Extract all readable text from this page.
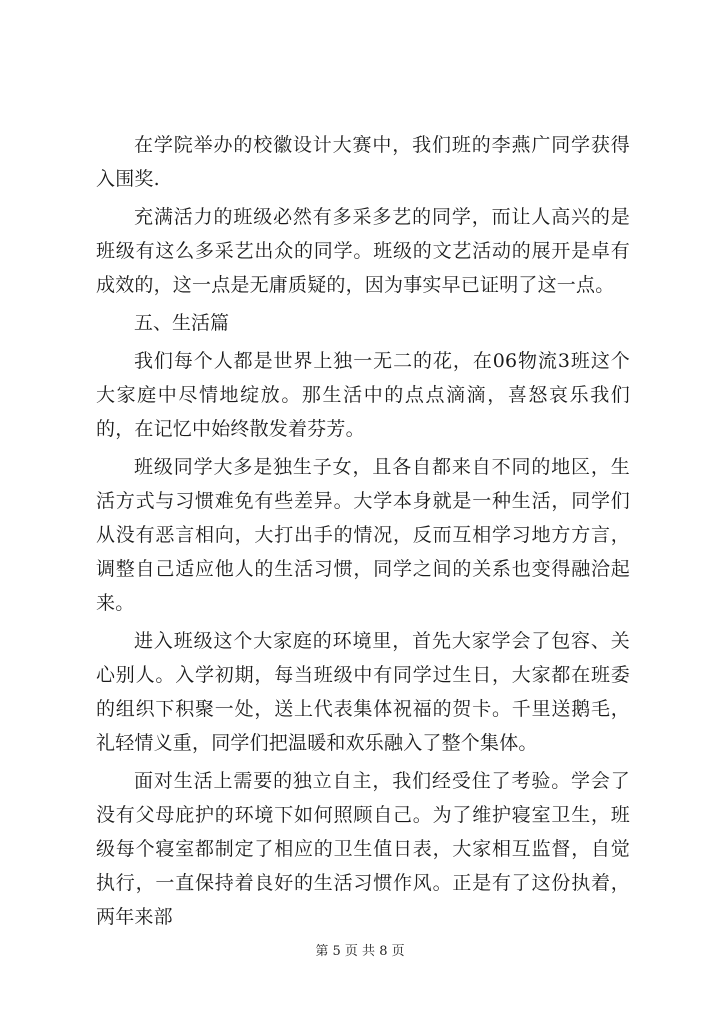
在学院举办的校徽设计大赛中，我们班的李燕广同学获得入围奖.

充满活力的班级必然有多采多艺的同学，而让人高兴的是班级有这么多采艺出众的同学。班级的文艺活动的展开是卓有成效的，这一点是无庸质疑的，因为事实早已证明了这一点。

五、生活篇

我们每个人都是世界上独一无二的花，在06物流3班这个大家庭中尽情地绽放。那生活中的点点滴滴，喜怒哀乐我们的，在记忆中始终散发着芬芳。

班级同学大多是独生子女，且各自都来自不同的地区，生活方式与习惯难免有些差异。大学本身就是一种生活，同学们从没有恶言相向，大打出手的情况，反而互相学习地方方言，调整自己适应他人的生活习惯，同学之间的关系也变得融洽起来。

进入班级这个大家庭的环境里，首先大家学会了包容、关心别人。入学初期，每当班级中有同学过生日，大家都在班委的组织下积聚一处，送上代表集体祝福的贺卡。千里送鹅毛，礼轻情义重，同学们把温暖和欢乐融入了整个集体。

面对生活上需要的独立自主，我们经受住了考验。学会了没有父母庇护的环境下如何照顾自己。为了维护寝室卫生，班级每个寝室都制定了相应的卫生值日表，大家相互监督，自觉执行，一直保持着良好的生活习惯作风。正是有了这份执着，两年来部

第 5 页 共 8 页
